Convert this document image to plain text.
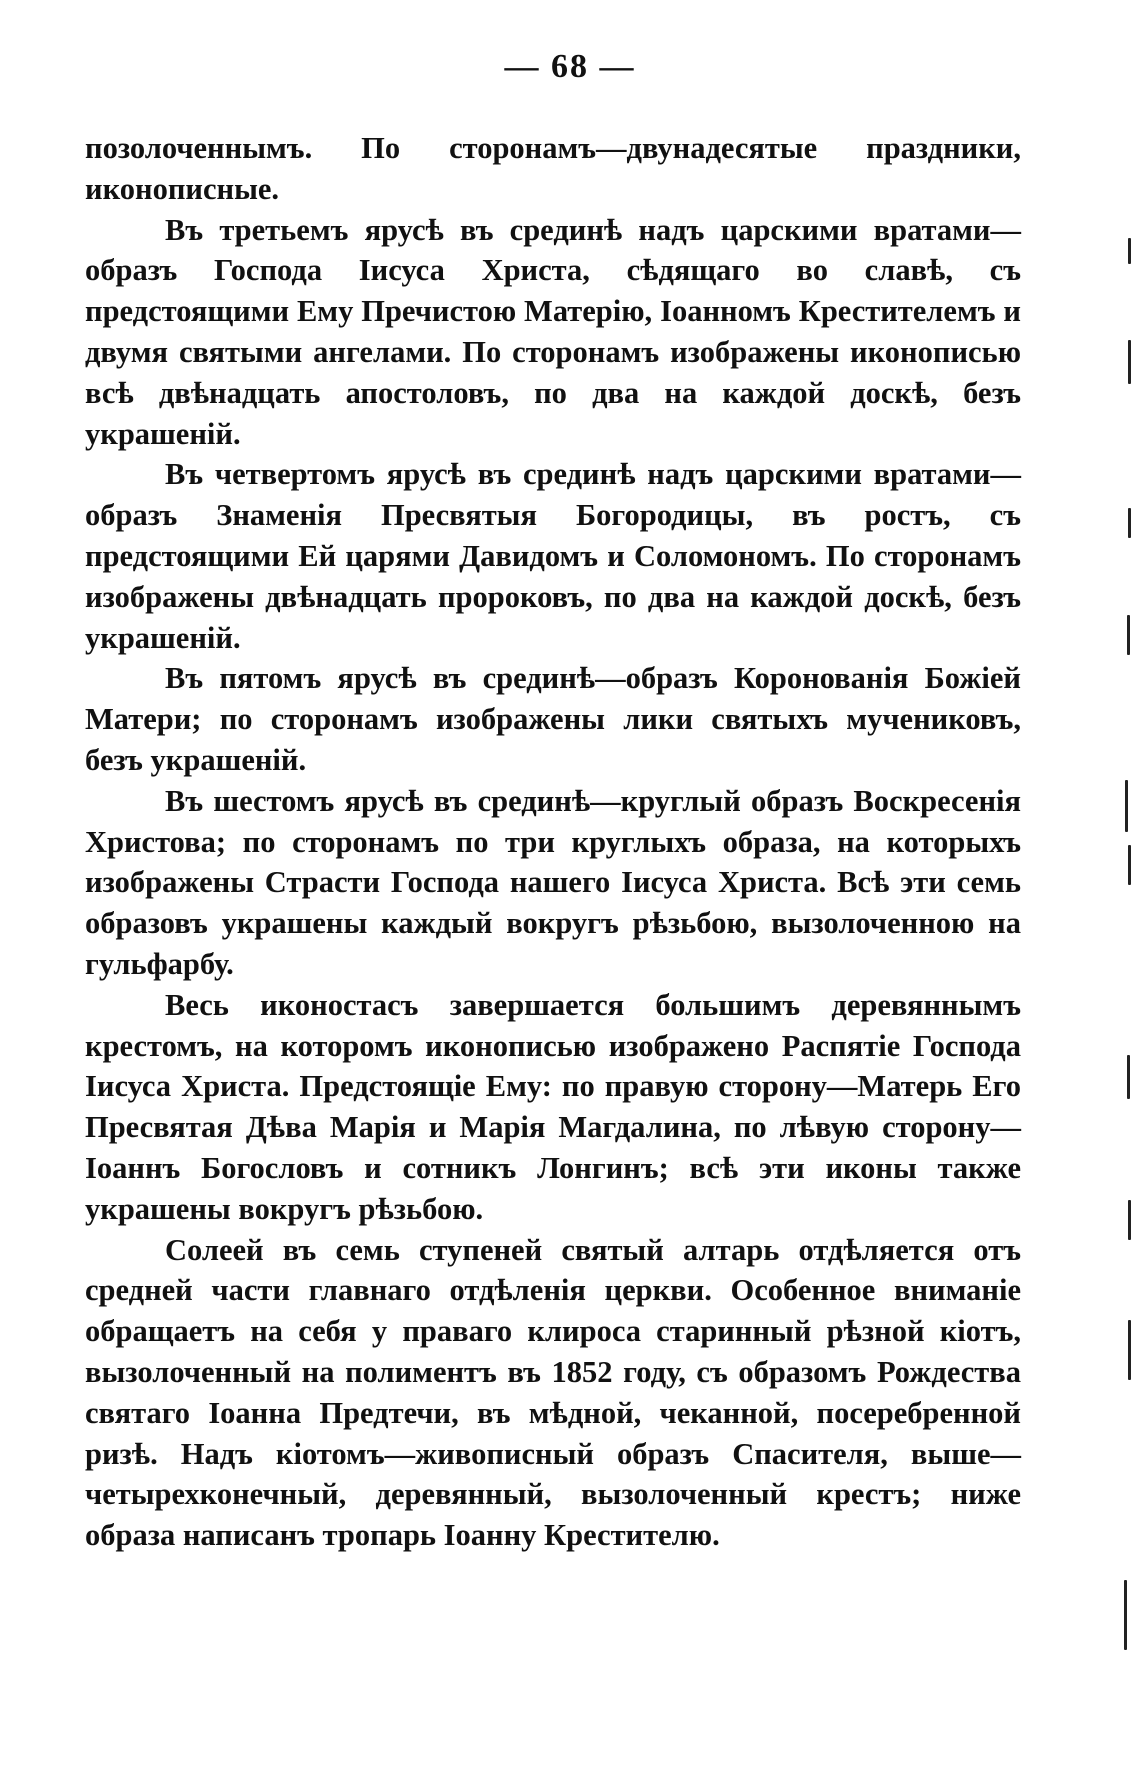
— 68 —

позолоченнымъ. По сторонамъ—двунадесятые праздники, иконописные.

Въ третьемъ ярусѣ въ срединѣ надъ царскими вратами—образъ Господа Іисуса Христа, сѣдящаго во славѣ, съ предстоящими Ему Пречистою Матерію, Іоанномъ Крестителемъ и двумя святыми ангелами. По сторонамъ изображены иконописью всѣ двѣнадцать апостоловъ, по два на каждой доскѣ, безъ украшеній.

Въ четвертомъ ярусѣ въ срединѣ надъ царскими вратами—образъ Знаменія Пресвятыя Богородицы, въ ростъ, съ предстоящими Ей царями Давидомъ и Соломономъ. По сторонамъ изображены двѣнадцать пророковъ, по два на каждой доскѣ, безъ украшеній.

Въ пятомъ ярусѣ въ срединѣ—образъ Коронованія Божіей Матери; по сторонамъ изображены лики святыхъ мучениковъ, безъ украшеній.

Въ шестомъ ярусѣ въ срединѣ—круглый образъ Воскресенія Христова; по сторонамъ по три круглыхъ образа, на которыхъ изображены Страсти Господа нашего Іисуса Христа. Всѣ эти семь образовъ украшены каждый вокругъ рѣзьбою, вызолоченною на гульфарбу.

Весь иконостасъ завершается большимъ деревяннымъ крестомъ, на которомъ иконописью изображено Распятіе Господа Іисуса Христа. Предстоящіе Ему: по правую сторону—Матерь Его Пресвятая Дѣва Марія и Марія Магдалина, по лѣвую сторону—Іоаннъ Богословъ и сотникъ Лонгинъ; всѣ эти иконы также украшены вокругъ рѣзьбою.

Солеей въ семь ступеней святый алтарь отдѣляется отъ средней части главнаго отдѣленія церкви. Особенное вниманіе обращаетъ на себя у праваго клироса старинный рѣзной кіотъ, вызолоченный на полиментъ въ 1852 году, съ образомъ Рождества святаго Іоанна Предтечи, въ мѣдной, чеканной, посеребренной ризѣ. Надъ кіотомъ—живописный образъ Спасителя, выше—четырехконечный, деревянный, вызолоченный крестъ; ниже образа написанъ тропарь Іоанну Крестителю.
